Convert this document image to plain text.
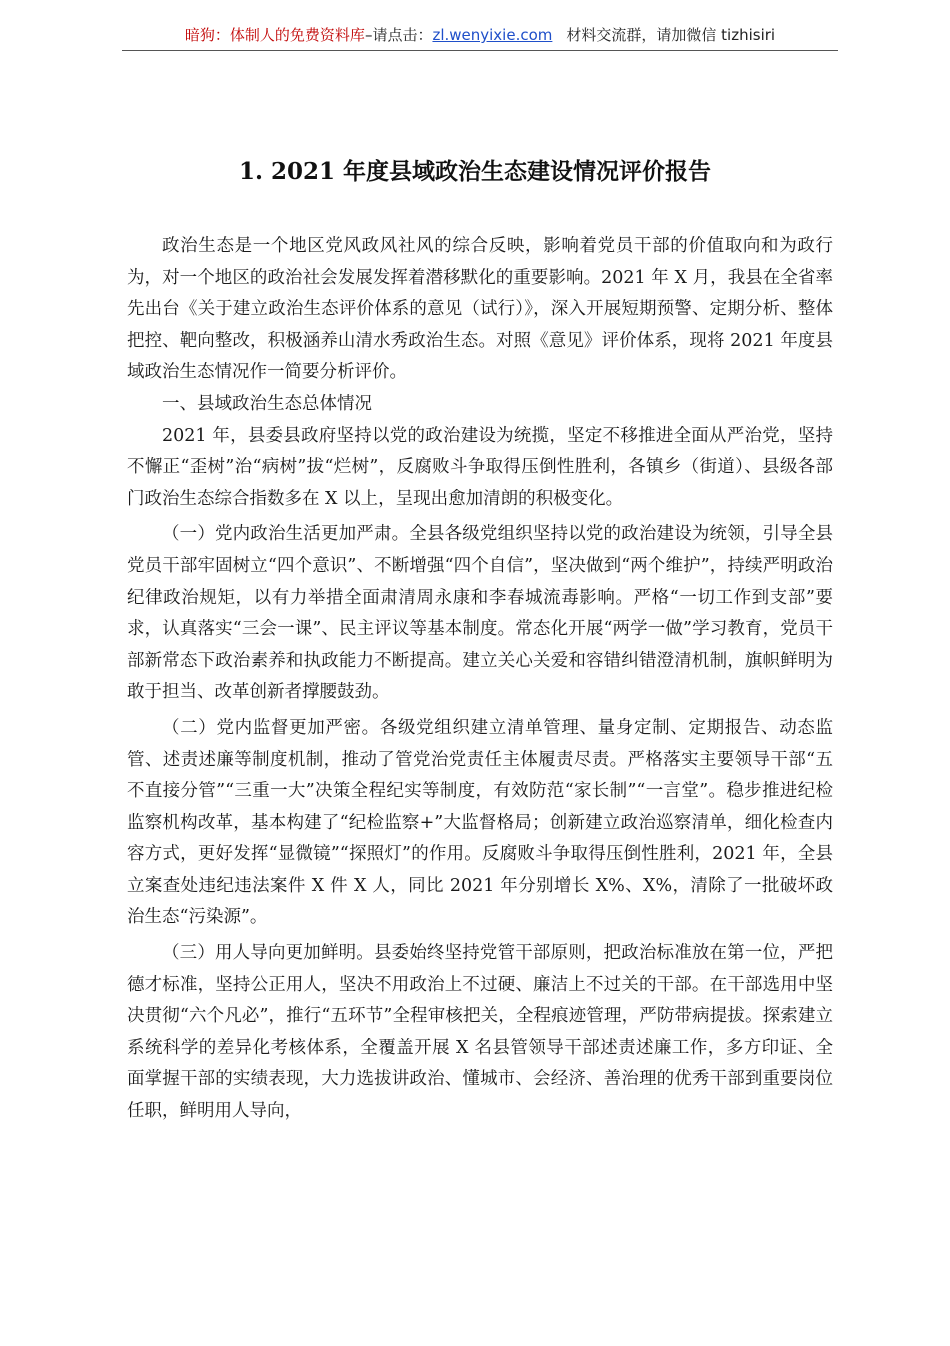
暗狗：体制人的免费资料库–请点击：zl.wenyixie.com 材料交流群，请加微信 tizhisiri
1. 2021 年度县域政治生态建设情况评价报告

政治生态是一个地区党风政风社风的综合反映，影响着党员干部的价值取向和为政行为，对一个地区的政治社会发展发挥着潜移默化的重要影响。2021 年 X 月，我县在全省率先出台《关于建立政治生态评价体系的意见（试行）》，深入开展短期预警、定期分析、整体把控、靶向整改，积极涵养山清水秀政治生态。对照《意见》评价体系，现将 2021 年度县域政治生态情况作一简要分析评价。

一、县域政治生态总体情况

2021 年，县委县政府坚持以党的政治建设为统揽，坚定不移推进全面从严治党，坚持不懈正“歪树”治“病树”拔“烂树”，反腐败斗争取得压倒性胜利，各镇乡（街道）、县级各部门政治生态综合指数多在 X 以上，呈现出愈加清朗的积极变化。

（一）党内政治生活更加严肃。全县各级党组织坚持以党的政治建设为统领，引导全县党员干部牢固树立“四个意识”、不断增强“四个自信”，坚决做到“两个维护”，持续严明政治纪律政治规矩，以有力举措全面肃清周永康和李春城流毒影响。严格“一切工作到支部”要求，认真落实“三会一课”、民主评议等基本制度。常态化开展“两学一做”学习教育，党员干部新常态下政治素养和执政能力不断提高。建立关心关爱和容错纠错澄清机制，旗帜鲜明为敢于担当、改革创新者撑腰鼓劲。

（二）党内监督更加严密。各级党组织建立清单管理、量身定制、定期报告、动态监管、述责述廉等制度机制，推动了管党治党责任主体履责尽责。严格落实主要领导干部“五不直接分管”“三重一大”决策全程纪实等制度，有效防范“家长制”“一言堂”。稳步推进纪检监察机构改革，基本构建了“纪检监察+”大监督格局；创新建立政治巡察清单，细化检查内容方式，更好发挥“显微镜”“探照灯”的作用。反腐败斗争取得压倒性胜利，2021 年，全县立案查处违纪违法案件 X 件 X 人，同比 2021 年分别增长 X%、X%，清除了一批破坏政治生态“污染源”。

（三）用人导向更加鲜明。县委始终坚持党管干部原则，把政治标准放在第一位，严把德才标准，坚持公正用人，坚决不用政治上不过硬、廉洁上不过关的干部。在干部选用中坚决贯彻“六个凡必”，推行“五环节”全程审核把关，全程痕迹管理，严防带病提拔。探索建立系统科学的差异化考核体系，全覆盖开展 X 名县管领导干部述责述廉工作，多方印证、全面掌握干部的实绩表现，大力选拔讲政治、懂城市、会经济、善治理的优秀干部到重要岗位任职，鲜明用人导向，
